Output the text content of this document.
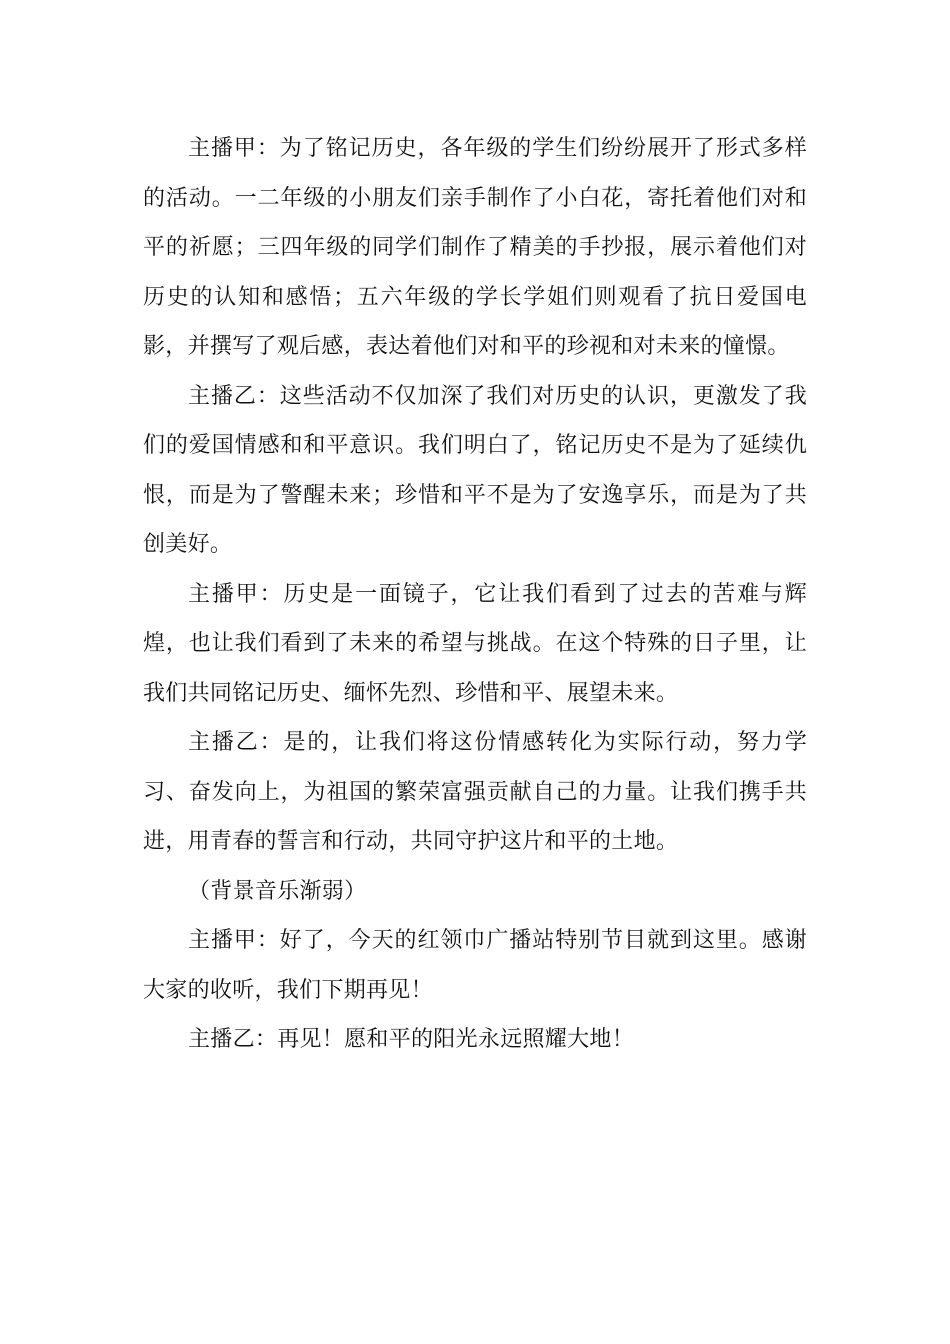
主播甲：为了铭记历史，各年级的学生们纷纷展开了形式多样的活动。一二年级的小朋友们亲手制作了小白花，寄托着他们对和平的祈愿；三四年级的同学们制作了精美的手抄报，展示着他们对历史的认知和感悟；五六年级的学长学姐们则观看了抗日爱国电影，并撰写了观后感，表达着他们对和平的珍视和对未来的憧憬。

主播乙：这些活动不仅加深了我们对历史的认识，更激发了我们的爱国情感和和平意识。我们明白了，铭记历史不是为了延续仇恨，而是为了警醒未来；珍惜和平不是为了安逸享乐，而是为了共创美好。

主播甲：历史是一面镜子，它让我们看到了过去的苦难与辉煌，也让我们看到了未来的希望与挑战。在这个特殊的日子里，让我们共同铭记历史、缅怀先烈、珍惜和平、展望未来。

主播乙：是的，让我们将这份情感转化为实际行动，努力学习、奋发向上，为祖国的繁荣富强贡献自己的力量。让我们携手共进，用青春的誓言和行动，共同守护这片和平的土地。

（背景音乐渐弱）

主播甲：好了，今天的红领巾广播站特别节目就到这里。感谢大家的收听，我们下期再见！

主播乙：再见！愿和平的阳光永远照耀大地！
